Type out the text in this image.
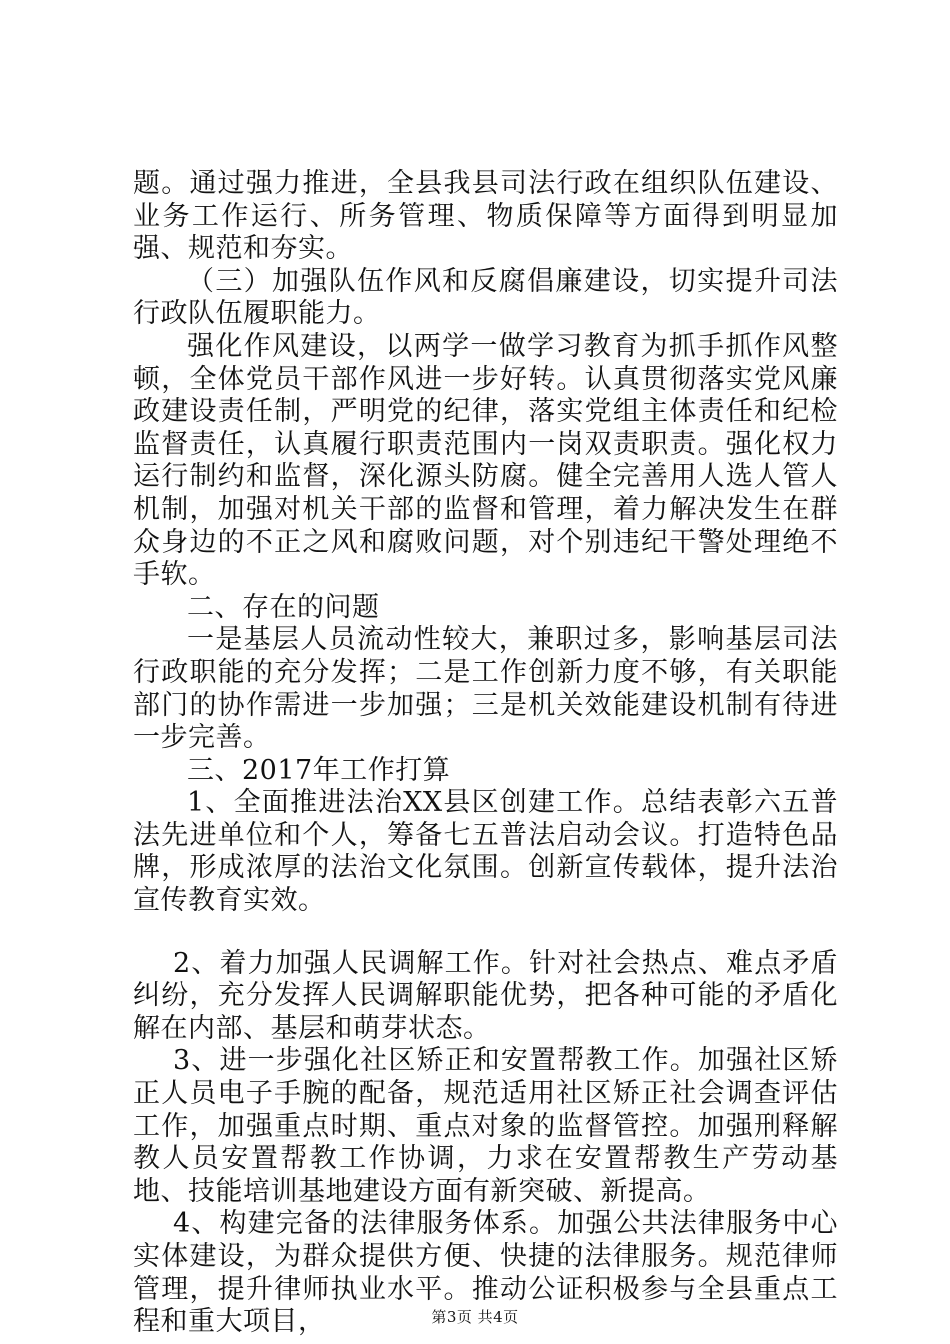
题。通过强力推进，全县我县司法行政在组织队伍建设、业务工作运行、所务管理、物质保障等方面得到明显加强、规范和夯实。

（三）加强队伍作风和反腐倡廉建设，切实提升司法行政队伍履职能力。

强化作风建设，以两学一做学习教育为抓手抓作风整顿，全体党员干部作风进一步好转。认真贯彻落实党风廉政建设责任制，严明党的纪律，落实党组主体责任和纪检监督责任，认真履行职责范围内一岗双责职责。强化权力运行制约和监督，深化源头防腐。健全完善用人选人管人机制，加强对机关干部的监督和管理，着力解决发生在群众身边的不正之风和腐败问题，对个别违纪干警处理绝不手软。

二、存在的问题

一是基层人员流动性较大，兼职过多，影响基层司法行政职能的充分发挥；二是工作创新力度不够，有关职能部门的协作需进一步加强；三是机关效能建设机制有待进一步完善。

三、2017年工作打算

1、全面推进法治XX县区创建工作。总结表彰六五普法先进单位和个人，筹备七五普法启动会议。打造特色品牌，形成浓厚的法治文化氛围。创新宣传载体，提升法治宣传教育实效。

2、着力加强人民调解工作。针对社会热点、难点矛盾纠纷，充分发挥人民调解职能优势，把各种可能的矛盾化解在内部、基层和萌芽状态。

3、进一步强化社区矫正和安置帮教工作。加强社区矫正人员电子手腕的配备，规范适用社区矫正社会调查评估工作，加强重点时期、重点对象的监督管控。加强刑释解教人员安置帮教工作协调，力求在安置帮教生产劳动基地、技能培训基地建设方面有新突破、新提高。

4、构建完备的法律服务体系。加强公共法律服务中心实体建设，为群众提供方便、快捷的法律服务。规范律师管理，提升律师执业水平。推动公证积极参与全县重点工程和重大项目，	第3页 共4页
